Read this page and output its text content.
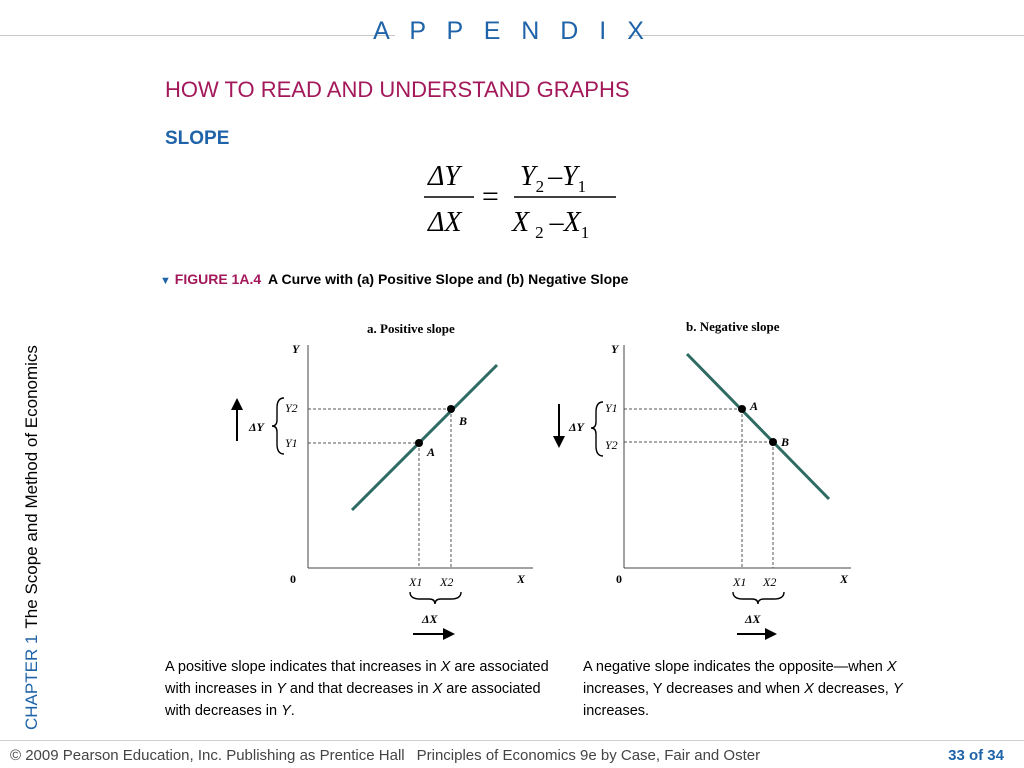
A P P E N D I X
HOW TO READ AND UNDERSTAND GRAPHS
SLOPE
ΔY
ΔX
=
$Y_2$ $-Y_1$
X $_2$ $-X_1$
▼ FIGURE 1A.4 A Curve with (a) Positive Slope and (b) Negative Slope
CHAPTER 1The Scope and Method of Economics
a. Positive slope
Y
X
0
A
B
Y2
Y1
ΔY
X1 X2
ΔX
b. Negative slope
Y
X
0
A
B
Y1
Y2
ΔY
X1 X2
ΔX
A positive slope indicates that increases in X are associated with increases in Y and that decreases in X are associated with decreases in Y.
A negative slope indicates the opposite—when X increases, Y decreases and when X decreases, Y increases.
© 2009 Pearson Education, Inc. Publishing as Prentice Hall Principles of Economics 9e by Case, Fair and Oster	33 of 34
